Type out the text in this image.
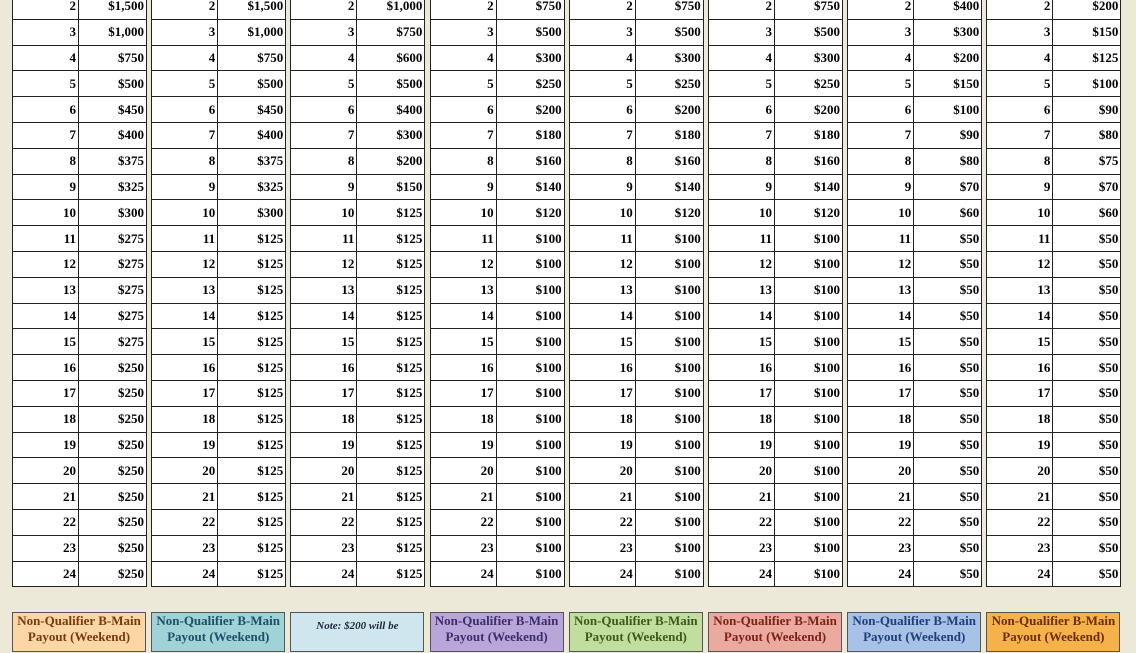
2	$1,500
3	$1,000
4	$750
5	$500
6	$450
7	$400
8	$375
9	$325
10	$300
11	$275
12	$275
13	$275
14	$275
15	$275
16	$250
17	$250
18	$250
19	$250
20	$250
21	$250
22	$250
23	$250
24	$250
Non-Qualifier B-Main Payout (Weekend)
2	$1,500
3	$1,000
4	$750
5	$500
6	$450
7	$400
8	$375
9	$325
10	$300
11	$125
12	$125
13	$125
14	$125
15	$125
16	$125
17	$125
18	$125
19	$125
20	$125
21	$125
22	$125
23	$125
24	$125
Non-Qualifier B-Main Payout (Weekend)
2	$1,000
3	$750
4	$600
5	$500
6	$400
7	$300
8	$200
9	$150
10	$125
11	$125
12	$125
13	$125
14	$125
15	$125
16	$125
17	$125
18	$125
19	$125
20	$125
21	$125
22	$125
23	$125
24	$125
Note: $200 will be
2	$750
3	$500
4	$300
5	$250
6	$200
7	$180
8	$160
9	$140
10	$120
11	$100
12	$100
13	$100
14	$100
15	$100
16	$100
17	$100
18	$100
19	$100
20	$100
21	$100
22	$100
23	$100
24	$100
Non-Qualifier B-Main Payout (Weekend)
2	$750
3	$500
4	$300
5	$250
6	$200
7	$180
8	$160
9	$140
10	$120
11	$100
12	$100
13	$100
14	$100
15	$100
16	$100
17	$100
18	$100
19	$100
20	$100
21	$100
22	$100
23	$100
24	$100
Non-Qualifier B-Main Payout (Weekend)
2	$750
3	$500
4	$300
5	$250
6	$200
7	$180
8	$160
9	$140
10	$120
11	$100
12	$100
13	$100
14	$100
15	$100
16	$100
17	$100
18	$100
19	$100
20	$100
21	$100
22	$100
23	$100
24	$100
Non-Qualifier B-Main Payout (Weekend)
2	$400
3	$300
4	$200
5	$150
6	$100
7	$90
8	$80
9	$70
10	$60
11	$50
12	$50
13	$50
14	$50
15	$50
16	$50
17	$50
18	$50
19	$50
20	$50
21	$50
22	$50
23	$50
24	$50
Non-Qualifier B-Main Payout (Weekend)
2	$200
3	$150
4	$125
5	$100
6	$90
7	$80
8	$75
9	$70
10	$60
11	$50
12	$50
13	$50
14	$50
15	$50
16	$50
17	$50
18	$50
19	$50
20	$50
21	$50
22	$50
23	$50
24	$50
Non-Qualifier B-Main Payout (Weekend)
